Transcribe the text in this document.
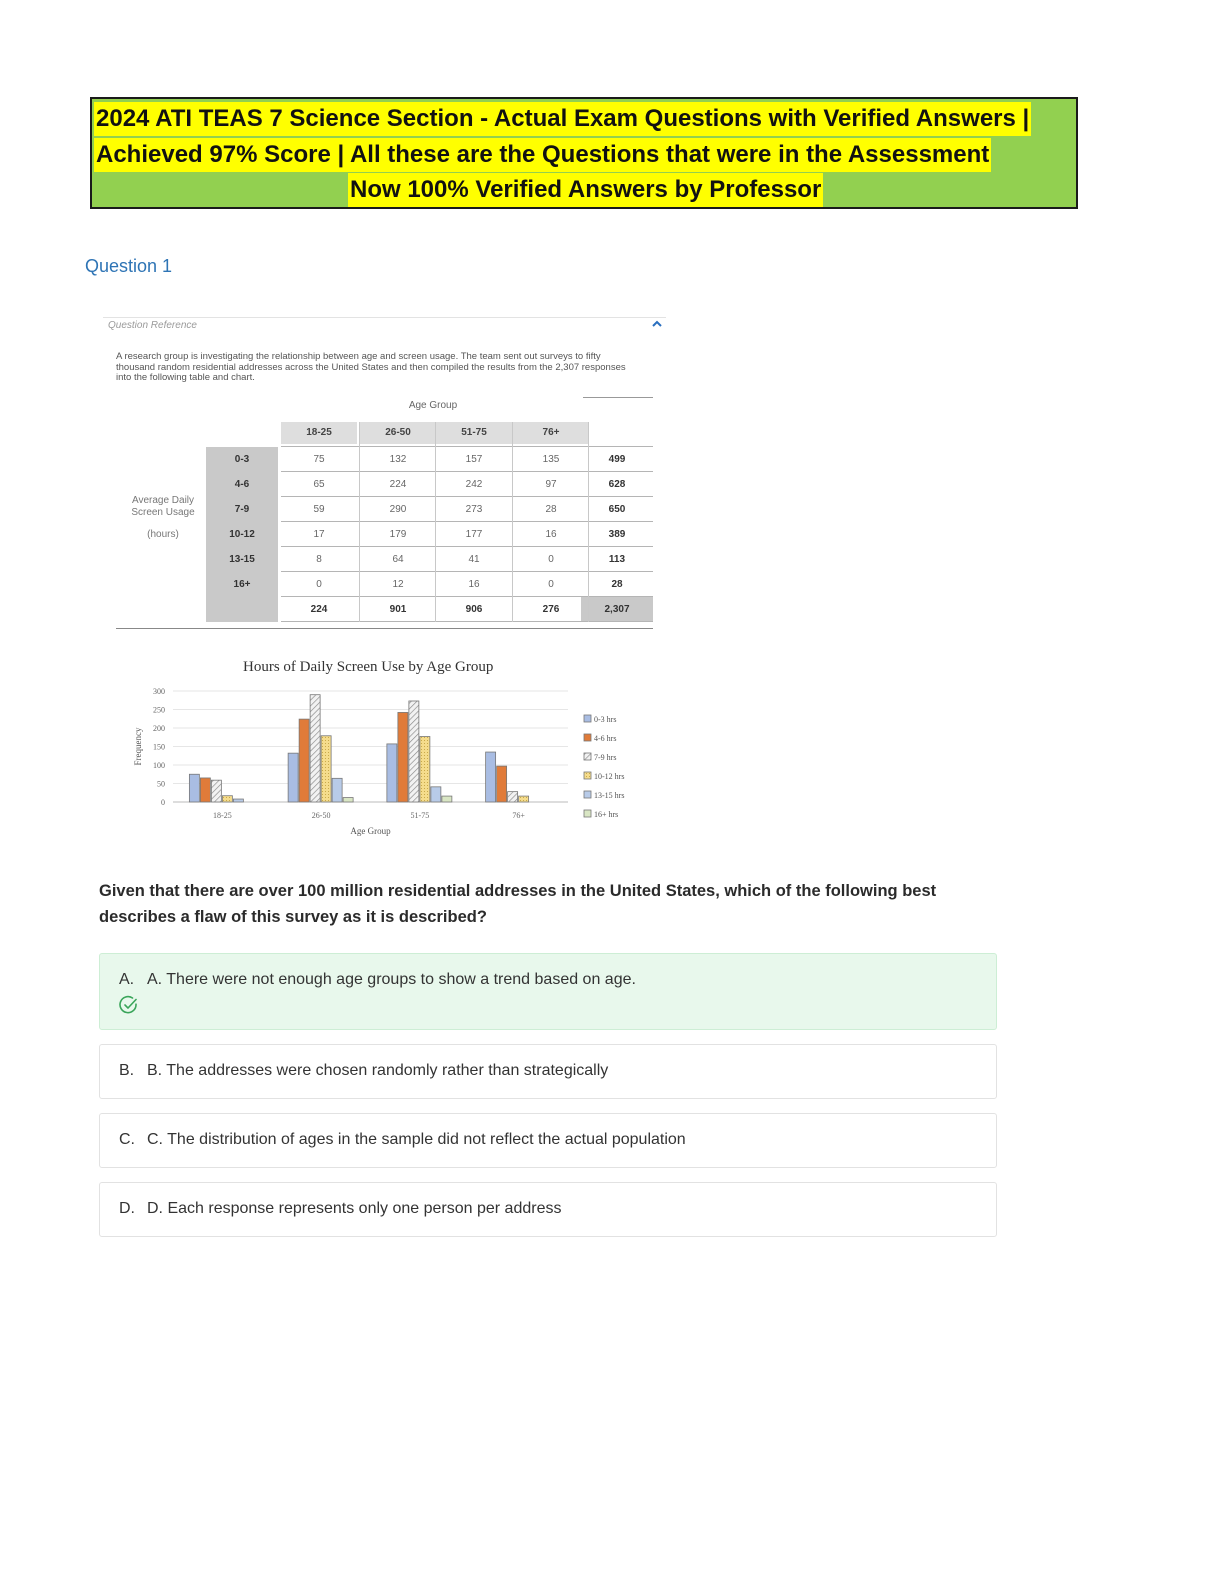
2024 ATI TEAS 7 Science Section - Actual Exam Questions with Verified Answers |
Achieved 97% Score | All these are the Questions that were in the Assessment
Now 100% Verified Answers by Professor
Question 1
Question Reference
A research group is investigating the relationship between age and screen usage. The team sent out surveys to fifty thousand random residential addresses across the United States and then compiled the results from the 2,307 responses into the following table and chart.
Age Group
18-25	26-50	51-75	76+
Average Daily
Screen Usage
(hours)
0-3	75	132	157	135	499
4-6	65	224	242	97	628
7-9	59	290	273	28	650
10-12	17	179	177	16	389
13-15	8	64	41	0	113
16+	0	12	16	0	28
224	901	906	276	2,307
Hours of Daily Screen Use by Age Group
0
50
100
150
200
250
300
Frequency
18-25	26-50	51-75	76+
Age Group
0-3 hrs
4-6 hrs
7-9 hrs
10-12 hrs
13-15 hrs
16+ hrs
Given that there are over 100 million residential addresses in the United States, which of the following best describes a flaw of this survey as it is described?
A. A. There were not enough age groups to show a trend based on age.
B. B. The addresses were chosen randomly rather than strategically
C. C. The distribution of ages in the sample did not reflect the actual population
D. D. Each response represents only one person per address
